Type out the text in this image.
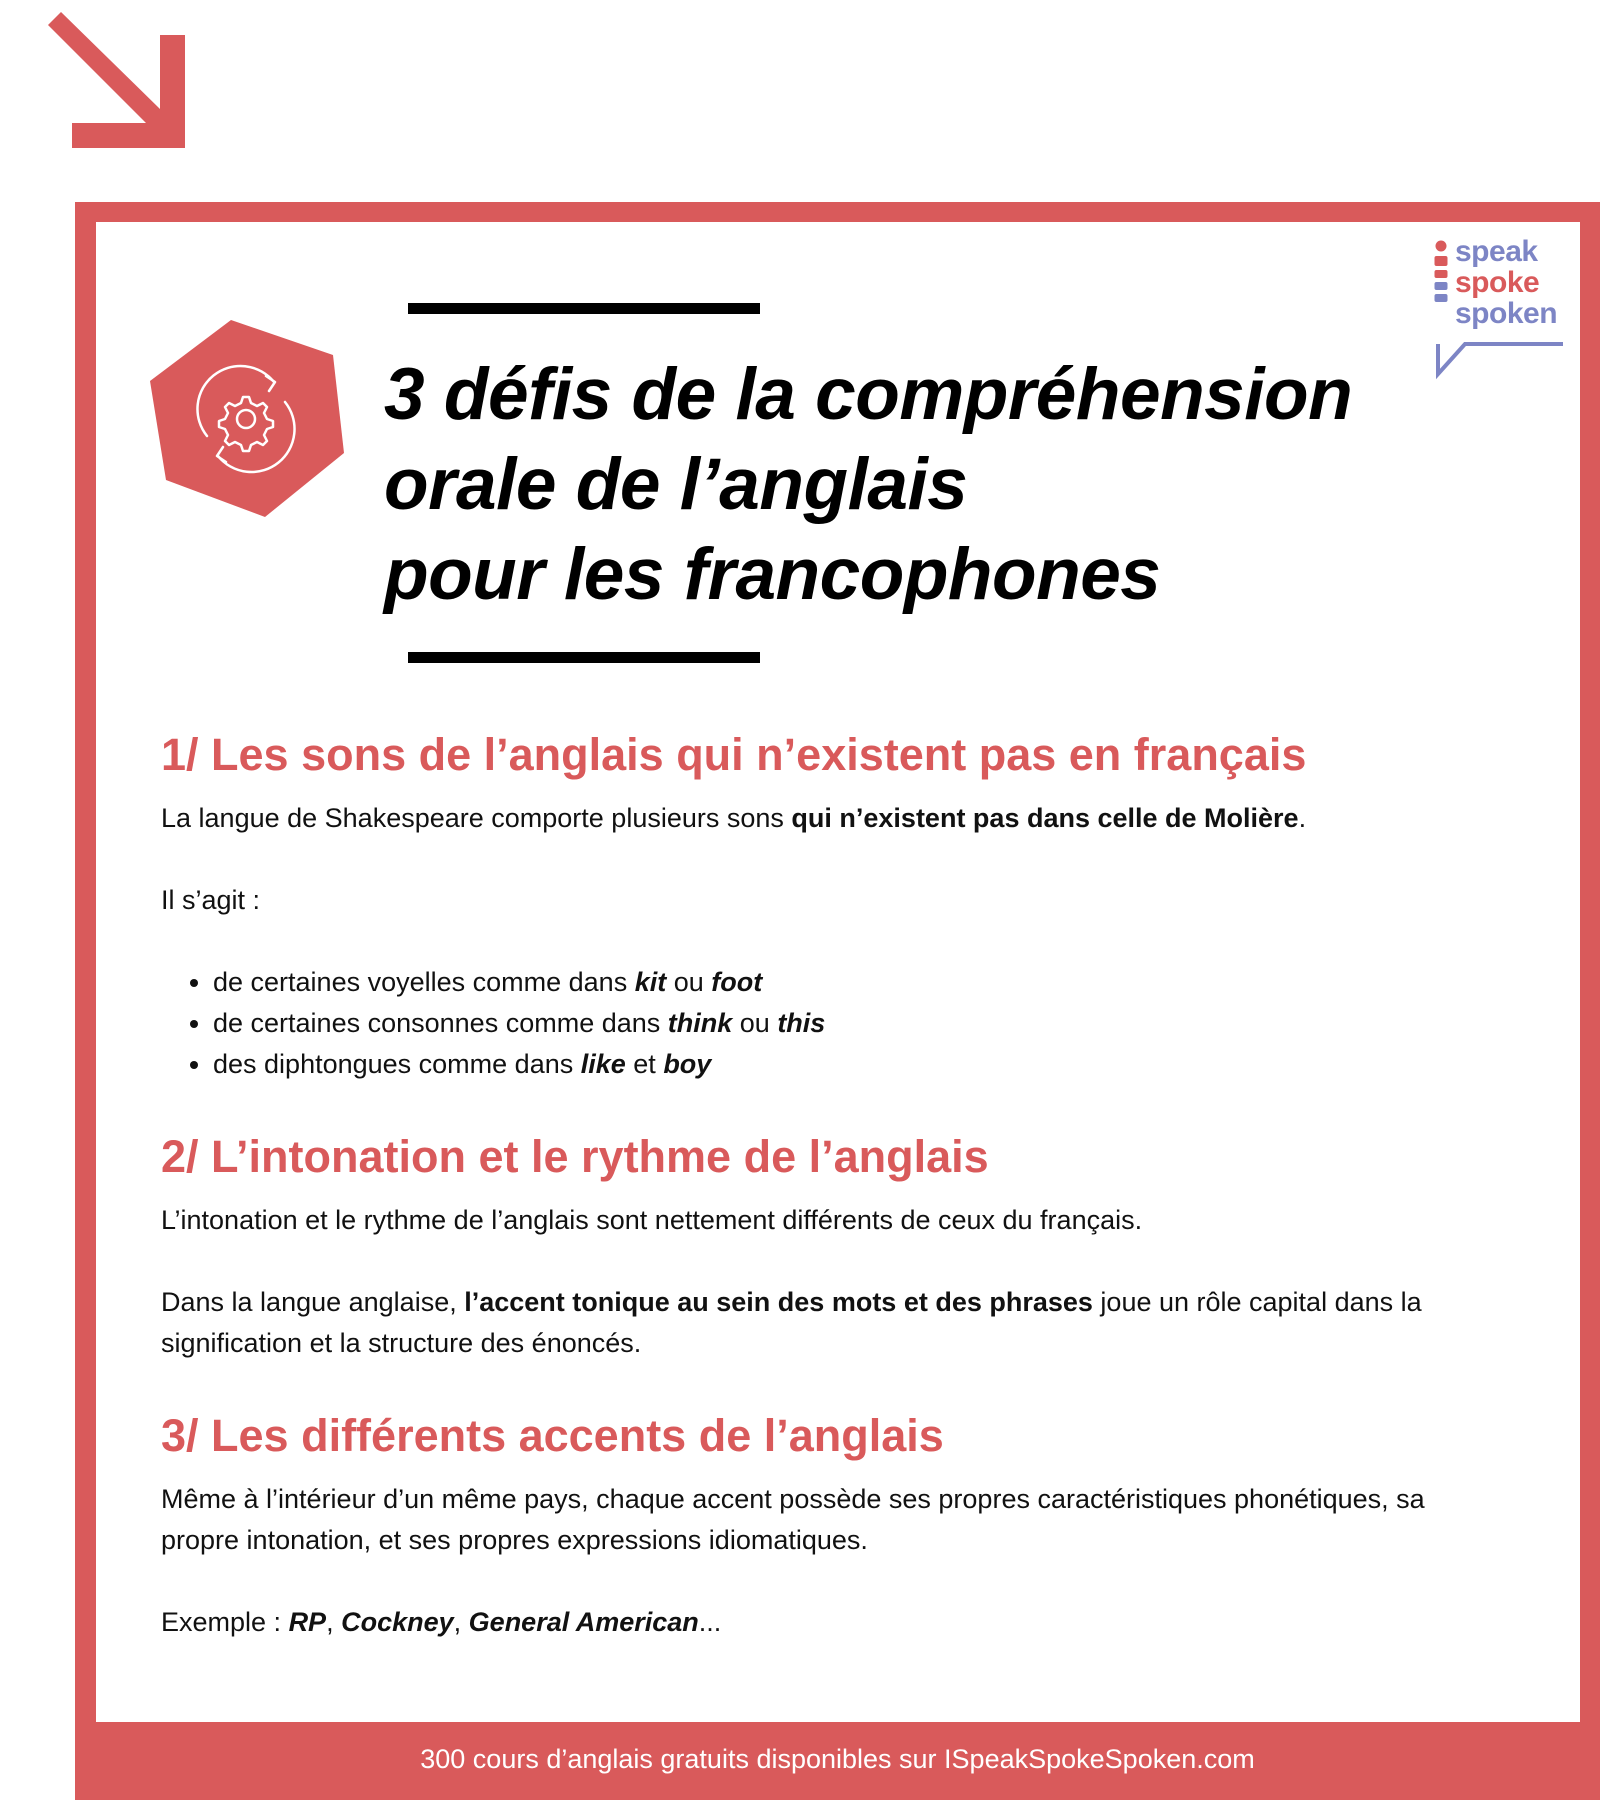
speak
spoke
spoken
3 défis de la compréhension
orale de l’anglais
pour les francophones
1/ Les sons de l’anglais qui n’existent pas en français

La langue de Shakespeare comporte plusieurs sons qui n’existent pas dans celle de Molière.

Il s’agit :

• de certaines voyelles comme dans kit ou foot
• de certaines consonnes comme dans think ou this
• des diphtongues comme dans like et boy
2/ L’intonation et le rythme de l’anglais

L’intonation et le rythme de l’anglais sont nettement différents de ceux du français.

Dans la langue anglaise, l’accent tonique au sein des mots et des phrases joue un rôle capital dans la signification et la structure des énoncés.

3/ Les différents accents de l’anglais

Même à l’intérieur d’un même pays, chaque accent possède ses propres caractéristiques phonétiques, sa propre intonation, et ses propres expressions idiomatiques.

Exemple : RP, Cockney, General American...

300 cours d’anglais gratuits disponibles sur ISpeakSpokeSpoken.com
